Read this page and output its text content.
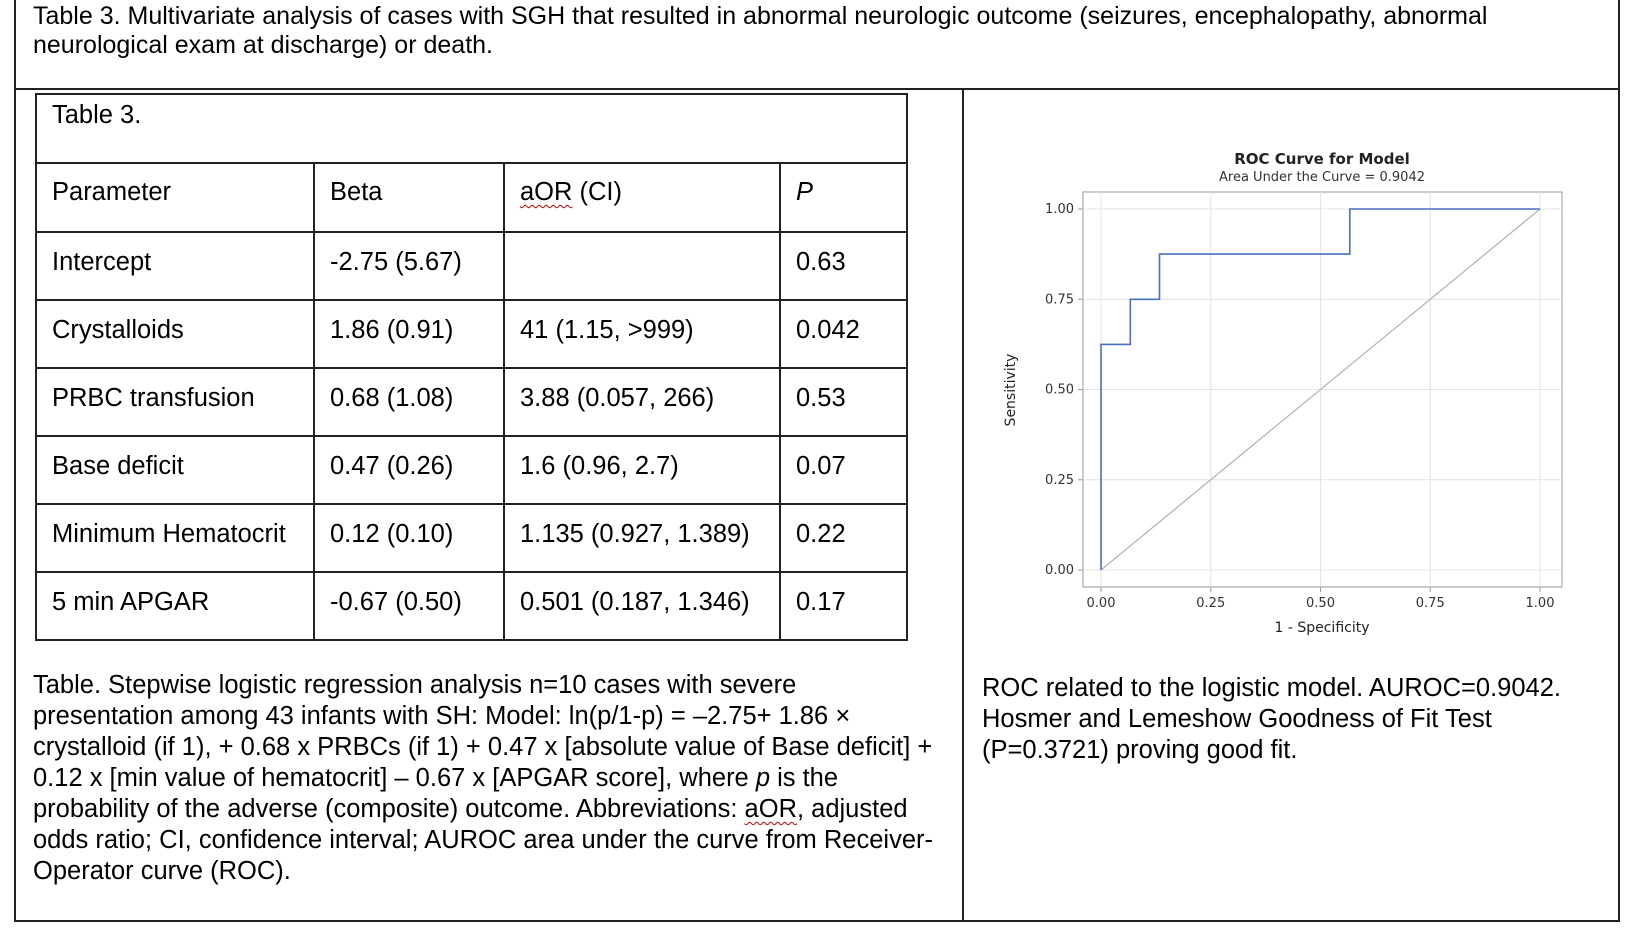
Table 3. Multivariate analysis of cases with SGH that resulted in abnormal neurologic outcome (seizures, encephalopathy, abnormal neurological exam at discharge) or death.
Table 3.			
Parameter	Beta	aOR (CI)	P
Intercept	-2.75 (5.67)		0.63
Crystalloids	1.86 (0.91)	41 (1.15, >999)	0.042
PRBC transfusion	0.68 (1.08)	3.88 (0.057, 266)	0.53
Base deficit	0.47 (0.26)	1.6 (0.96, 2.7)	0.07
Minimum Hematocrit	0.12 (0.10)	1.135 (0.927, 1.389)	0.22
5 min APGAR	-0.67 (0.50)	0.501 (0.187, 1.346)	0.17
Table. Stepwise logistic regression analysis n=10 cases with severe presentation among 43 infants with SH: Model: ln(p/1-p) = –2.75+ 1.86 × crystalloid (if 1), + 0.68 x PRBCs (if 1) + 0.47 x [absolute value of Base deficit] + 0.12 x [min value of hematocrit] – 0.67 x [APGAR score], where p is the probability of the adverse (composite) outcome. Abbreviations: aOR, adjusted odds ratio; CI, confidence interval; AUROC area under the curve from Receiver-Operator curve (ROC).
ROC related to the logistic model. AUROC=0.9042. Hosmer and Lemeshow Goodness of Fit Test (P=0.3721) proving good fit.
ROC Curve for Model
Area Under the Curve = 0.9042
0.00	0.25	0.50	0.75	1.00
0.00
0.25
0.50
0.75
1.00
1 - Specificity
Sensitivity
